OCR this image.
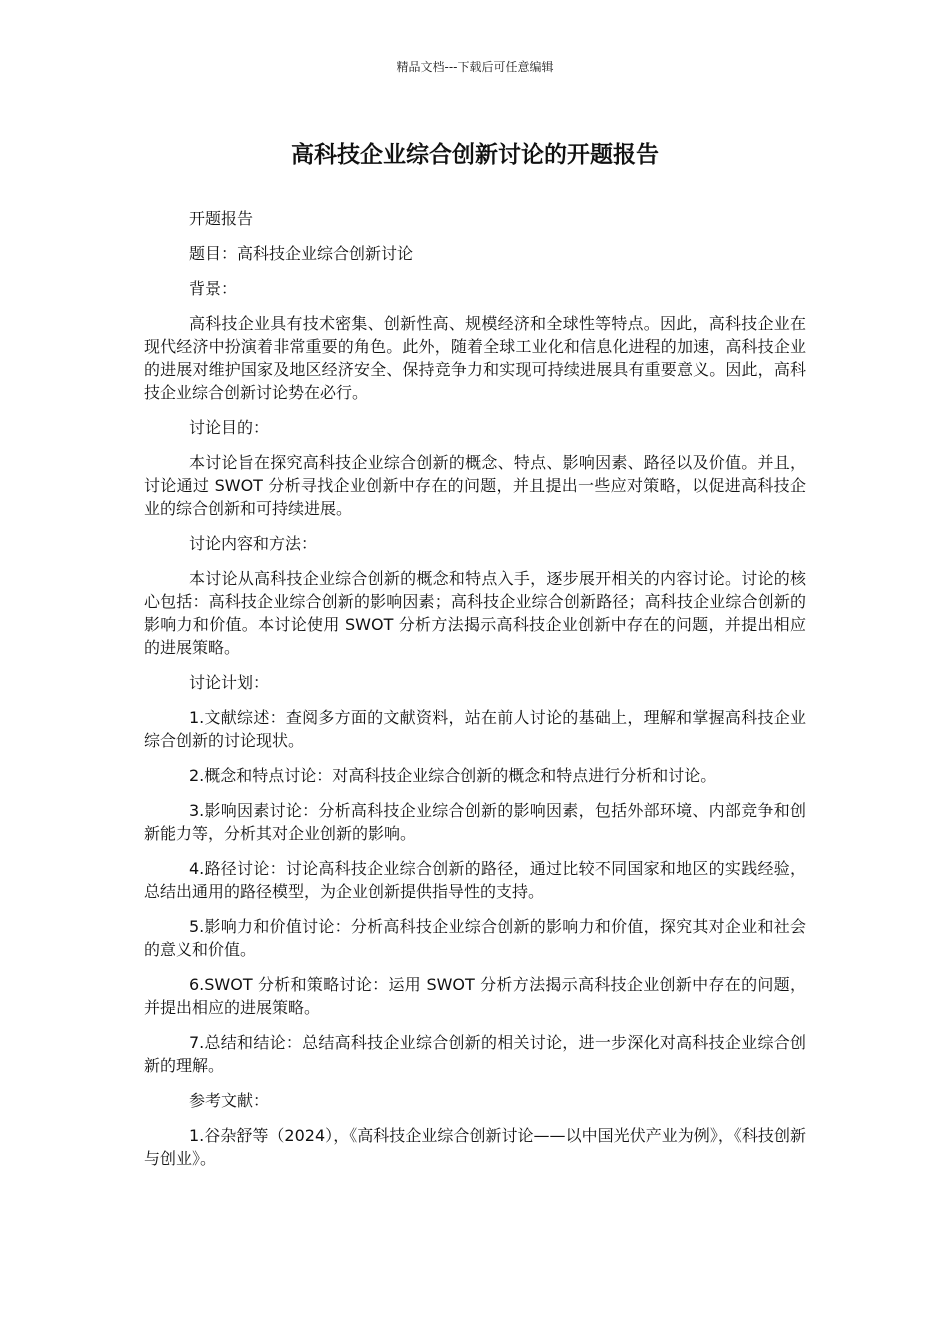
精品文档---下载后可任意编辑
高科技企业综合创新讨论的开题报告

开题报告

题目：高科技企业综合创新讨论

背景：

高科技企业具有技术密集、创新性高、规模经济和全球性等特点。因此，高科技企业在现代经济中扮演着非常重要的角色。此外，随着全球工业化和信息化进程的加速，高科技企业的进展对维护国家及地区经济安全、保持竞争力和实现可持续进展具有重要意义。因此，高科技企业综合创新讨论势在必行。

讨论目的：

本讨论旨在探究高科技企业综合创新的概念、特点、影响因素、路径以及价值。并且，讨论通过 SWOT 分析寻找企业创新中存在的问题，并且提出一些应对策略，以促进高科技企业的综合创新和可持续进展。

讨论内容和方法：

本讨论从高科技企业综合创新的概念和特点入手，逐步展开相关的内容讨论。讨论的核心包括：高科技企业综合创新的影响因素；高科技企业综合创新路径；高科技企业综合创新的影响力和价值。本讨论使用 SWOT 分析方法揭示高科技企业创新中存在的问题，并提出相应的进展策略。

讨论计划：

1.文献综述：查阅多方面的文献资料，站在前人讨论的基础上，理解和掌握高科技企业综合创新的讨论现状。

2.概念和特点讨论：对高科技企业综合创新的概念和特点进行分析和讨论。

3.影响因素讨论：分析高科技企业综合创新的影响因素，包括外部环境、内部竞争和创新能力等，分析其对企业创新的影响。

4.路径讨论：讨论高科技企业综合创新的路径，通过比较不同国家和地区的实践经验，总结出通用的路径模型，为企业创新提供指导性的支持。

5.影响力和价值讨论：分析高科技企业综合创新的影响力和价值，探究其对企业和社会的意义和价值。

6.SWOT 分析和策略讨论：运用 SWOT 分析方法揭示高科技企业创新中存在的问题，并提出相应的进展策略。

7.总结和结论：总结高科技企业综合创新的相关讨论，进一步深化对高科技企业综合创新的理解。

参考文献：

1.谷杂舒等（2024），《高科技企业综合创新讨论——以中国光伏产业为例》，《科技创新与创业》。
